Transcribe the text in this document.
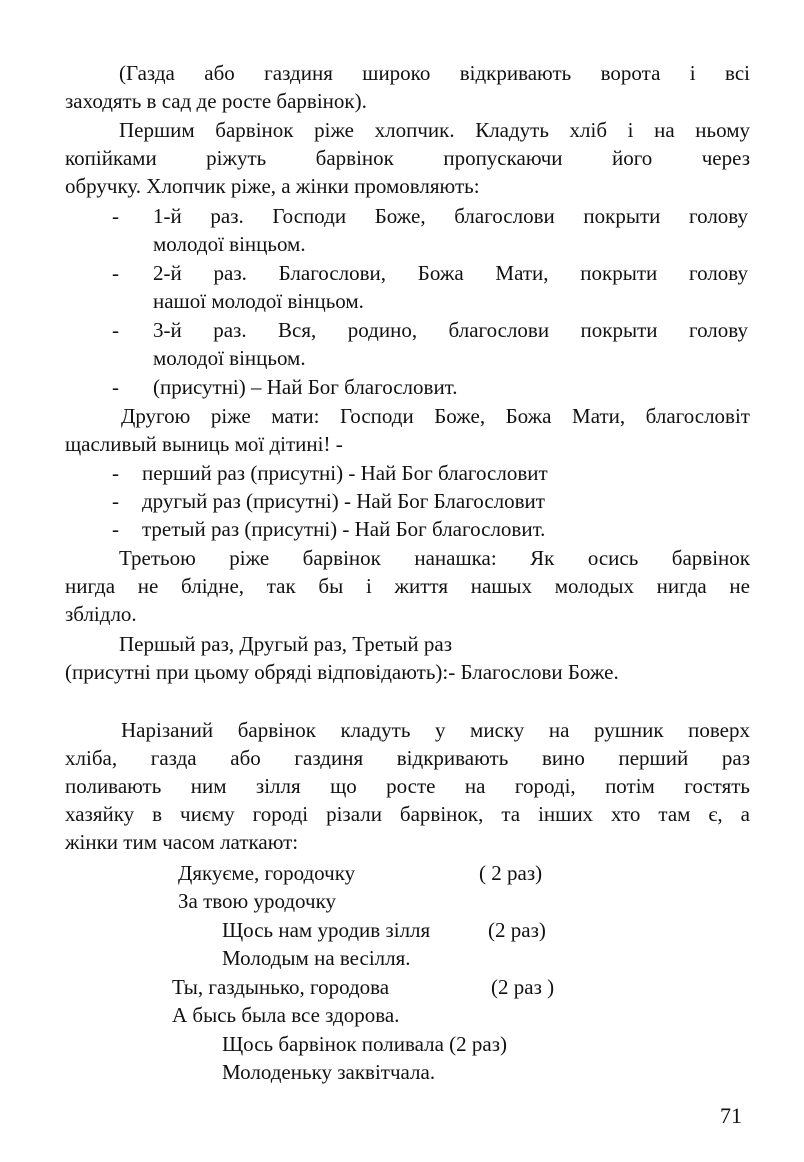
(Газда або газдиня широко відкривають ворота і всі
заходять в сад де росте барвінок).
Першим барвінок ріже хлопчик. Кладуть хліб і на ньому
копійками ріжуть барвінок пропускаючи його через
обручку. Хлопчик ріже, а жінки промовляють:
-	1-й раз. Господи Боже, благослови покрыти голову
молодої вінцьом.
-	2-й раз. Благослови, Божа Мати, покрыти голову
нашої молодої вінцьом.
-	3-й раз. Вся, родино, благослови покрыти голову
молодої вінцьом.
-	(присутні) – Най Бог благословит.
Другою ріже мати: Господи Боже, Божа Мати, благословіт
щасливый выниць мої дітині! -
-	перший раз (присутні) - Най Бог благословит
-	другый раз (присутні) - Най Бог Благословит
-	третый раз (присутні) - Най Бог благословит.
Третьою ріже барвінок нанашка: Як осись барвінок
нигда не блідне, так бы і життя нашых молодых нигда не
зблідло.
Першый раз, Другый раз, Третый раз
(присутні при цьому обряді відповідають):- Благослови Боже.
Нарізаний барвінок кладуть у миску на рушник поверх
хліба, газда або газдиня відкривають вино перший раз
поливають ним зілля що росте на городі, потім гостять
хазяйку в чиєму городі різали барвінок, та інших хто там є, а
жінки тим часом латкают:
Дякуєме, городочку	( 2 раз)
За твою уродочку
Щось нам уродив зілля	(2 раз)
Молодым на весілля.
Ты, газдынько, городова	(2 раз )
А бысь была все здорова.
Щось барвінок поливала (2 раз)
Молоденьку заквітчала.
71
